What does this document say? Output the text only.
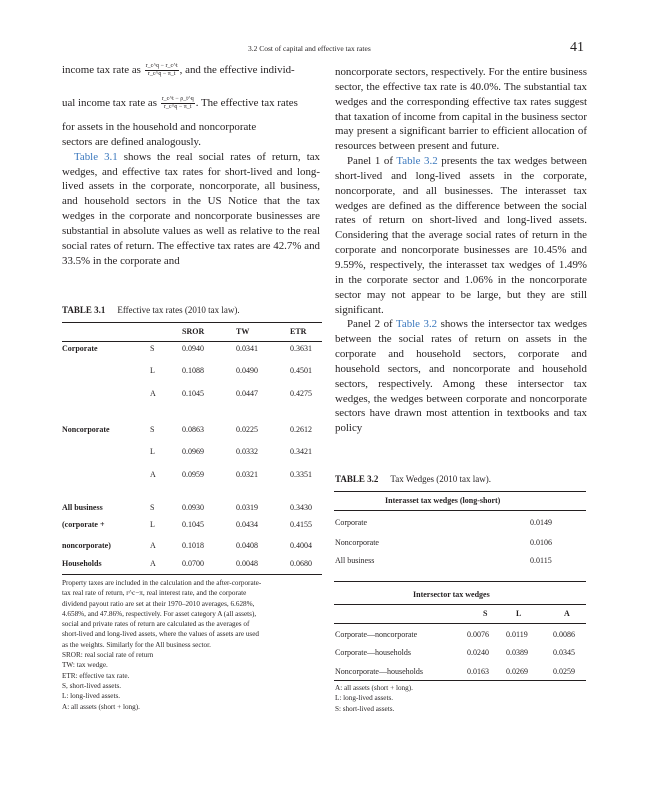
3.2 Cost of capital and effective tax rates	41
income tax rate as $\frac{r\_c\^{}q - r\_c\^{}t}{r\_c\^{}q - \pi\_t}$ , and the effective individ-
ual income tax rate as $\frac{r\_c\^{}t - \rho\_t\^{}q}{r\_c\^{}q - \pi\_t}$ . The effective tax rates

for assets in the household and noncorporate

sectors are defined analogously.

Table 3.1 shows the real social rates of return, tax wedges, and effective tax rates for short-lived and long-lived assets in the corporate, noncorporate, all business, and household sectors in the US Notice that the tax wedges in the corporate and noncorporate businesses are substantial in absolute values as well as relative to the real social rates of return. The effective tax rates are 42.7% and 33.5% in the corporate and

noncorporate sectors, respectively. For the entire business sector, the effective tax rate is 40.0%. The substantial tax wedges and the corresponding effective tax rates suggest that taxation of income from capital in the business sector may present a significant barrier to efficient allocation of resources between present and future.

Panel 1 of Table 3.2 presents the tax wedges between short-lived and long-lived assets in the corporate, noncorporate, and all businesses. The interasset tax wedges are defined as the difference between the social rates of return on short-lived and long-lived assets. Considering that the average social rates of return in the corporate and noncorporate businesses are 10.45% and 9.59%, respectively, the interasset tax wedges of 1.49% in the corporate sector and 1.06% in the noncorporate sector may not appear to be large, but they are still significant.

Panel 2 of Table 3.2 shows the intersector tax wedges between the social rates of return on assets in the corporate and household sectors, corporate and household sectors, and noncorporate and household sectors, respectively. Among these intersector tax wedges, the wedges between corporate and noncorporate sectors have drawn most attention in textbooks and tax policy

TABLE 3.1 Effective tax rates (2010 tax law).
SROR	TW	ETR
Corporate	S	0.0940	0.0341	0.3631
L	0.1088	0.0490	0.4501
A	0.1045	0.0447	0.4275
Noncorporate	S	0.0863	0.0225	0.2612
L	0.0969	0.0332	0.3421
A	0.0959	0.0321	0.3351
All business	S	0.0930	0.0319	0.3430
(corporate +	L	0.1045	0.0434	0.4155
noncorporate)	A	0.1018	0.0408	0.4004
Households	A	0.0700	0.0048	0.0680

Property taxes are included in the calculation and the after-corporate-

tax real rate of return, r^c−π, real interest rate, and the corporate

dividend payout ratio are set at their 1970–2010 averages, 6.628%,

4.658%, and 47.86%, respectively. For asset category A (all assets),

social and private rates of return are calculated as the averages of

short-lived and long-lived assets, where the values of assets are used

as the weights. Similarly for the All business sector.

SROR: real social rate of return

TW: tax wedge.

ETR: effective tax rate.

S, short-lived assets.

L: long-lived assets.

A: all assets (short + long).

TABLE 3.2 Tax Wedges (2010 tax law).
Interasset tax wedges (long-short)
Corporate	0.0149
Noncorporate	0.0106
All business	0.0115
Intersector tax wedges
S	L	A
Corporate—noncorporate	0.0076 0.0119	0.0086
Corporate—households	0.0240 0.0389	0.0345
Noncorporate—households	0.0163 0.0269	0.0259

A: all assets (short + long).

L: long-lived assets.

S: short-lived assets.
